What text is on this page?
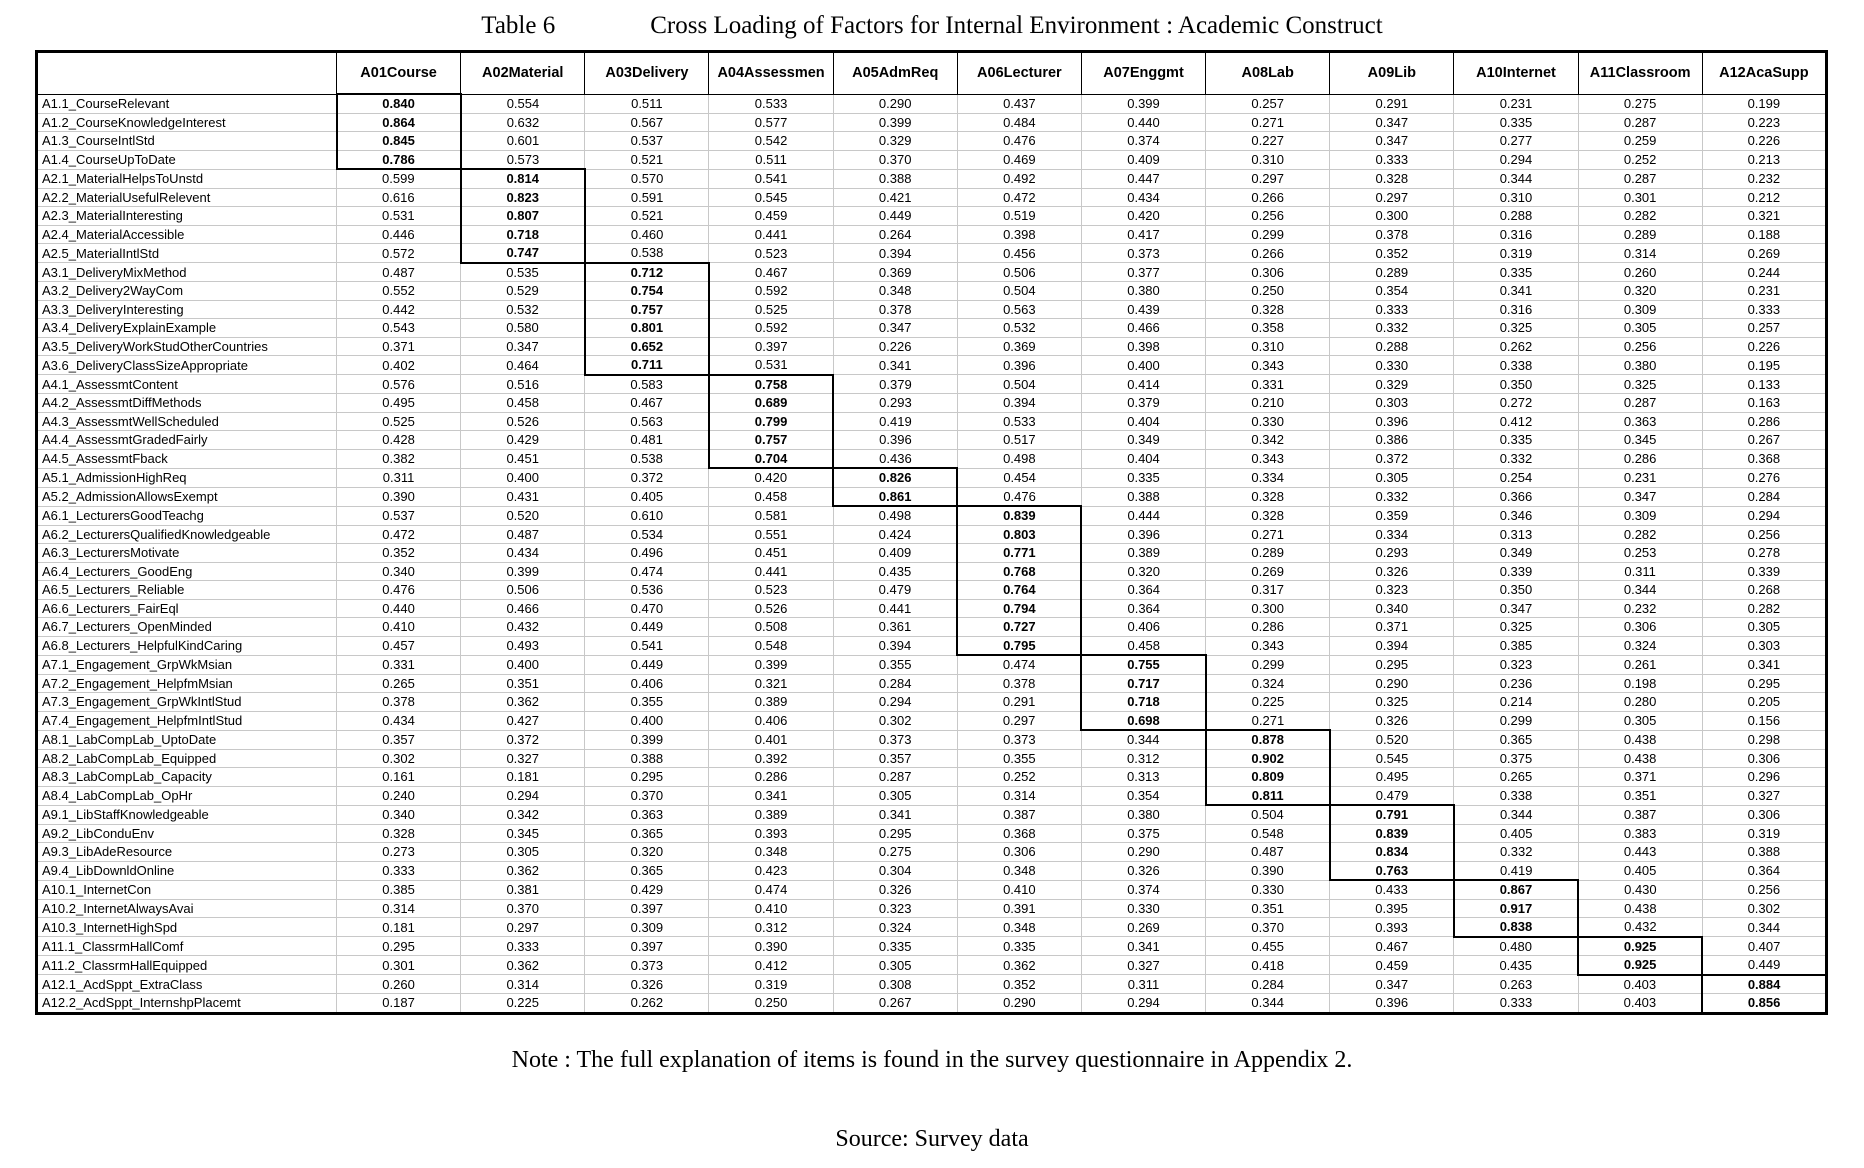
Table 6	Cross Loading of Factors for Internal Environment : Academic Construct
	A01Course	A02Material	A03Delivery	A04Assessmen	A05AdmReq	A06Lecturer	A07Enggmt	A08Lab	A09Lib	A10Internet	A11Classroom	A12AcaSupp
A1.1_CourseRelevant	0.840	0.554	0.511	0.533	0.290	0.437	0.399	0.257	0.291	0.231	0.275	0.199
A1.2_CourseKnowledgeInterest	0.864	0.632	0.567	0.577	0.399	0.484	0.440	0.271	0.347	0.335	0.287	0.223
A1.3_CourseIntlStd	0.845	0.601	0.537	0.542	0.329	0.476	0.374	0.227	0.347	0.277	0.259	0.226
A1.4_CourseUpToDate	0.786	0.573	0.521	0.511	0.370	0.469	0.409	0.310	0.333	0.294	0.252	0.213
A2.1_MaterialHelpsToUnstd	0.599	0.814	0.570	0.541	0.388	0.492	0.447	0.297	0.328	0.344	0.287	0.232
A2.2_MaterialUsefulRelevent	0.616	0.823	0.591	0.545	0.421	0.472	0.434	0.266	0.297	0.310	0.301	0.212
A2.3_MaterialInteresting	0.531	0.807	0.521	0.459	0.449	0.519	0.420	0.256	0.300	0.288	0.282	0.321
A2.4_MaterialAccessible	0.446	0.718	0.460	0.441	0.264	0.398	0.417	0.299	0.378	0.316	0.289	0.188
A2.5_MaterialIntlStd	0.572	0.747	0.538	0.523	0.394	0.456	0.373	0.266	0.352	0.319	0.314	0.269
A3.1_DeliveryMixMethod	0.487	0.535	0.712	0.467	0.369	0.506	0.377	0.306	0.289	0.335	0.260	0.244
A3.2_Delivery2WayCom	0.552	0.529	0.754	0.592	0.348	0.504	0.380	0.250	0.354	0.341	0.320	0.231
A3.3_DeliveryInteresting	0.442	0.532	0.757	0.525	0.378	0.563	0.439	0.328	0.333	0.316	0.309	0.333
A3.4_DeliveryExplainExample	0.543	0.580	0.801	0.592	0.347	0.532	0.466	0.358	0.332	0.325	0.305	0.257
A3.5_DeliveryWorkStudOtherCountries	0.371	0.347	0.652	0.397	0.226	0.369	0.398	0.310	0.288	0.262	0.256	0.226
A3.6_DeliveryClassSizeAppropriate	0.402	0.464	0.711	0.531	0.341	0.396	0.400	0.343	0.330	0.338	0.380	0.195
A4.1_AssessmtContent	0.576	0.516	0.583	0.758	0.379	0.504	0.414	0.331	0.329	0.350	0.325	0.133
A4.2_AssessmtDiffMethods	0.495	0.458	0.467	0.689	0.293	0.394	0.379	0.210	0.303	0.272	0.287	0.163
A4.3_AssessmtWellScheduled	0.525	0.526	0.563	0.799	0.419	0.533	0.404	0.330	0.396	0.412	0.363	0.286
A4.4_AssessmtGradedFairly	0.428	0.429	0.481	0.757	0.396	0.517	0.349	0.342	0.386	0.335	0.345	0.267
A4.5_AssessmtFback	0.382	0.451	0.538	0.704	0.436	0.498	0.404	0.343	0.372	0.332	0.286	0.368
A5.1_AdmissionHighReq	0.311	0.400	0.372	0.420	0.826	0.454	0.335	0.334	0.305	0.254	0.231	0.276
A5.2_AdmissionAllowsExempt	0.390	0.431	0.405	0.458	0.861	0.476	0.388	0.328	0.332	0.366	0.347	0.284
A6.1_LecturersGoodTeachg	0.537	0.520	0.610	0.581	0.498	0.839	0.444	0.328	0.359	0.346	0.309	0.294
A6.2_LecturersQualifiedKnowledgeable	0.472	0.487	0.534	0.551	0.424	0.803	0.396	0.271	0.334	0.313	0.282	0.256
A6.3_LecturersMotivate	0.352	0.434	0.496	0.451	0.409	0.771	0.389	0.289	0.293	0.349	0.253	0.278
A6.4_Lecturers_GoodEng	0.340	0.399	0.474	0.441	0.435	0.768	0.320	0.269	0.326	0.339	0.311	0.339
A6.5_Lecturers_Reliable	0.476	0.506	0.536	0.523	0.479	0.764	0.364	0.317	0.323	0.350	0.344	0.268
A6.6_Lecturers_FairEql	0.440	0.466	0.470	0.526	0.441	0.794	0.364	0.300	0.340	0.347	0.232	0.282
A6.7_Lecturers_OpenMinded	0.410	0.432	0.449	0.508	0.361	0.727	0.406	0.286	0.371	0.325	0.306	0.305
A6.8_Lecturers_HelpfulKindCaring	0.457	0.493	0.541	0.548	0.394	0.795	0.458	0.343	0.394	0.385	0.324	0.303
A7.1_Engagement_GrpWkMsian	0.331	0.400	0.449	0.399	0.355	0.474	0.755	0.299	0.295	0.323	0.261	0.341
A7.2_Engagement_HelpfmMsian	0.265	0.351	0.406	0.321	0.284	0.378	0.717	0.324	0.290	0.236	0.198	0.295
A7.3_Engagement_GrpWkIntlStud	0.378	0.362	0.355	0.389	0.294	0.291	0.718	0.225	0.325	0.214	0.280	0.205
A7.4_Engagement_HelpfmIntlStud	0.434	0.427	0.400	0.406	0.302	0.297	0.698	0.271	0.326	0.299	0.305	0.156
A8.1_LabCompLab_UptoDate	0.357	0.372	0.399	0.401	0.373	0.373	0.344	0.878	0.520	0.365	0.438	0.298
A8.2_LabCompLab_Equipped	0.302	0.327	0.388	0.392	0.357	0.355	0.312	0.902	0.545	0.375	0.438	0.306
A8.3_LabCompLab_Capacity	0.161	0.181	0.295	0.286	0.287	0.252	0.313	0.809	0.495	0.265	0.371	0.296
A8.4_LabCompLab_OpHr	0.240	0.294	0.370	0.341	0.305	0.314	0.354	0.811	0.479	0.338	0.351	0.327
A9.1_LibStaffKnowledgeable	0.340	0.342	0.363	0.389	0.341	0.387	0.380	0.504	0.791	0.344	0.387	0.306
A9.2_LibConduEnv	0.328	0.345	0.365	0.393	0.295	0.368	0.375	0.548	0.839	0.405	0.383	0.319
A9.3_LibAdeResource	0.273	0.305	0.320	0.348	0.275	0.306	0.290	0.487	0.834	0.332	0.443	0.388
A9.4_LibDownldOnline	0.333	0.362	0.365	0.423	0.304	0.348	0.326	0.390	0.763	0.419	0.405	0.364
A10.1_InternetCon	0.385	0.381	0.429	0.474	0.326	0.410	0.374	0.330	0.433	0.867	0.430	0.256
A10.2_InternetAlwaysAvai	0.314	0.370	0.397	0.410	0.323	0.391	0.330	0.351	0.395	0.917	0.438	0.302
A10.3_InternetHighSpd	0.181	0.297	0.309	0.312	0.324	0.348	0.269	0.370	0.393	0.838	0.432	0.344
A11.1_ClassrmHallComf	0.295	0.333	0.397	0.390	0.335	0.335	0.341	0.455	0.467	0.480	0.925	0.407
A11.2_ClassrmHallEquipped	0.301	0.362	0.373	0.412	0.305	0.362	0.327	0.418	0.459	0.435	0.925	0.449
A12.1_AcdSppt_ExtraClass	0.260	0.314	0.326	0.319	0.308	0.352	0.311	0.284	0.347	0.263	0.403	0.884
A12.2_AcdSppt_InternshpPlacemt	0.187	0.225	0.262	0.250	0.267	0.290	0.294	0.344	0.396	0.333	0.403	0.856
Note : The full explanation of items is found in the survey questionnaire in Appendix 2.
Source: Survey data
